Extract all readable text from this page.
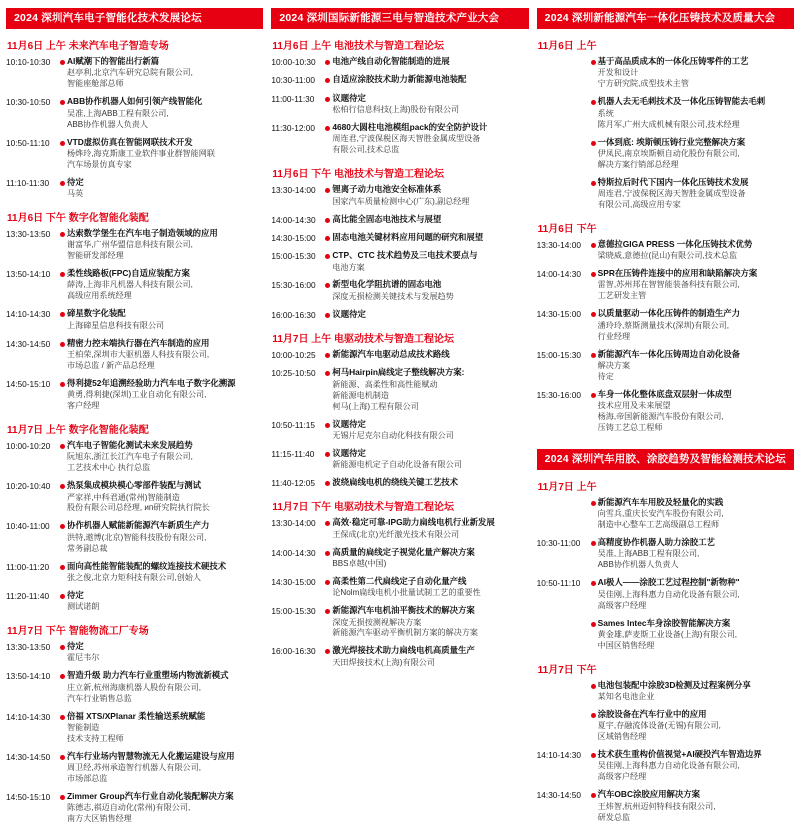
2024 深圳汽车电子智能化技术发展论坛
11月6日 上午 未来汽车电子智造专场
10:10-10:30	AI赋潮下的智能出行新篇
赵亭利,北京汽车研究总院有限公司,
智能座舱部总师
10:30-10:50	ABB协作机器人如何引领产线智能化
吴准,上海ABB工程有限公司,
ABB协作机器人负责人
10:50-11:10	VTD虚拟仿真在智能网联技术开发
杨烨玲,海克斯康工业软件事业群智能网联
汽车场景仿真专家
11:10-11:30	待定
马英
11月6日 下午 数字化智能化装配
13:30-13:50	达索数学堡生在汽车电子制造领域的应用
谢富华,广州华盟信息科技有限公司,
智能研发部经理
13:50-14:10	柔性线路板(FPC)自适应装配方案
薛涛,上海非凡机器人科技有限公司,
高级应用系统经理
14:10-14:30	碲星数字化装配
上海碲星信息科技有限公司
14:30-14:50	精密力控末端执行器在汽车制造的应用
王柏荣,深圳市大驱机器人科技有限公司,
市场总监 / 新产品总经理
14:50-15:10	得利捷52年追溯经验助力汽车电子数字化溯源
黄勇,得利捷(深圳)工业自动化有限公司,
客户经理
11月7日 上午 数字化智能化装配
10:00-10:20	汽车电子智能化测试未来发展趋势
阮旭东,浙江长江汽车电子有限公司,
工艺技术中心 执行总监
10:20-10:40	热泵集成模块模心零部件装配与测试
严家祥,中科君通(常州)智能制造
股份有限公司总经理, ип研究院执行院长
10:40-11:00	协作机器人赋能新能源汽车新质生产力
洪特,遨博(北京)智能科技股份有限公司,
常务副总裁
11:00-11:20	面向高性能智能装配的螺纹连接技术硬技术
张之俊,北京力矩科技有限公司,创始人
11:20-11:40	待定
测试诺朗
11月7日 下午 智能物流工厂专场
13:30-13:50	待定
霍尼韦尔
13:50-14:10	智造升级 助力汽车行业重塑场内物流新模式
庄立新,杭州海康机器人股份有限公司,
汽车行业销售总监
14:10-14:30	倍福 XTS/XPlanar 柔性输送系统赋能
智能制造
技术支持工程师
14:30-14:50	汽车行业场内智慧物流无人化搬运建设与应用
周卫经,苏州承造智行机器人有限公司,
市场部总监
14:50-15:10	Zimmer Group汽车行业自动化装配解决方案
陈德志,祺迈自动化(常州)有限公司,
南方大区销售经理
2024 深圳国际新能源三电与智造技术产业大会
11月6日 上午 电池技术与智造工程论坛
10:00-10:30	电池产线自动化智能制造的进展
10:30-11:00	自适应涂胶技术助力新能源电池装配
11:00-11:30	议题待定
松柏行信息科技(上海)股份有限公司
11:30-12:00	4680大圆柱电池模组pack的安全防护设计
周连君,宁波保税区海天智胜金属成型设备
有限公司,技术总监
11月6日 下午 电池技术与智造工程论坛
13:30-14:00	锂离子动力电池安全标准体系
国家汽车质量检测中心(广东),副总经理
14:00-14:30	高比能全固态电池技术与展望
14:30-15:00	固态电池关键材料应用问题的研究和展望
15:00-15:30	CTP、CTC 技术趋势及三电技术要点与
电池方案
15:30-16:00	新型电化学阻抗谱的固态电池
深度无损检测关键技术与发展趋势
16:00-16:30	议题待定
11月7日 上午 电驱动技术与智造工程论坛
10:00-10:25	新能源汽车电驱动总成技术路线
10:25-10:50	柯马Hairpin扁线定子整线解决方案:
新能源、高柔性和高性能赋动
新能源电机制造
柯马(上海)工程有限公司
10:50-11:15	议题待定
无锡片尼克尔自动化科技有限公司
11:15-11:40	议题待定
新能源电机定子自动化设备有限公司
11:40-12:05	波绕扁线电机的绕线关键工艺技术
11月7日 下午 电驱动技术与智造工程论坛
13:30-14:00	高效·稳定可靠-IPG助力扁线电机行业新发展
王保成(北京)光纤激光技术有限公司
14:00-14:30	高质量的扁线定子视觉化量产解决方案
BBS卓越(中国)
14:30-15:00	高柔性第二代扁线定子自动化量产线
论Nolm扁线电机小批量试制工艺的重要性
15:00-15:30	新能源汽车电机油平衡技术的解决方案
深度无损按测视解决方案
新能源汽车驱动平衡机制方案的解决方案
16:00-16:30	激光焊接技术助力扁线电机高质量生产
天田焊接技术(上海)有限公司
2024 深圳新能源汽车一体化压铸技术及质量大会
11月6日 上午
基于高品质成本的一体化压铸零件的工艺
开发和设计
宁方研究院,成型技术主管
机器人去无毛刺技术及一体化压铸智能去毛刺
系统
陈月军,广州大成机械有限公司,技术经理
一体到底: 埃斯顿压铸行业完整解决方案
伊凤民,南京埃斯顿自动化股份有限公司,
解决方案行销部总经理
特斯拉后时代下国内一体化压铸技术发展
周连君,宁波保税区海天智胜金属成型设备
有限公司,高级应用专家
11月6日 下午
13:30-14:00	意德拉GIGA PRESS 一体化压铸技术优势
梁晓威,意德拉(昆山)有限公司,技术总监
14:00-14:30	SPR在压铸件连接中的应用和缺陷解决方案
雷智,苏州邦在智智能装备科技有限公司,
工艺研发主管
14:30-15:00	以质量驱动一体化压铸件的制造生产力
潘玲玲,蔡斯测量技术(深圳)有限公司,
行业经理
15:00-15:30	新能源汽车一体化压铸周边自动化设备
解决方案
待定
15:30-16:00	车身一体化整体底盘双层射一体成型
技术应用及未来展望
杨海,帝国新能源汽车股份有限公司,
压铸工艺总工程师
2024 深圳汽车用胶、涂胶趋势及智能检测技术论坛
11月7日 上午
新能源汽车车用胶及轻量化的实践
向雪兵,重庆长安汽车股份有限公司,
制造中心整车工艺高级副总工程师
10:30-11:00	高精度协作机器人助力涂胶工艺
吴准,上海ABB工程有限公司,
ABB协作机器人负责人
10:50-11:10	AI极人——涂胶工艺过程控制"新物种"
吴佳刚,上海科惠力自动化设备有限公司,
高级客户经理
Sames Intec车身涂胶智能解决方案
黄金雄,萨麦斯工业设备(上海)有限公司,
中国区销售经理
11月7日 下午
电池包装配中涂胶3D检测及过程案例分享
某知名电池企业
涂胶设备在汽车行业中的应用
夏宇,存融流体设备(无锡)有限公司,
区域销售经理
14:10-14:30	技术获生重构价值视觉+AI硬投汽车智造边界
吴佳刚,上海科惠力自动化设备有限公司,
高级客户经理
14:30-14:50	汽车OBC涂胶应用解决方案
王炜智,杭州迈何特科技有限公司,
研发总监
